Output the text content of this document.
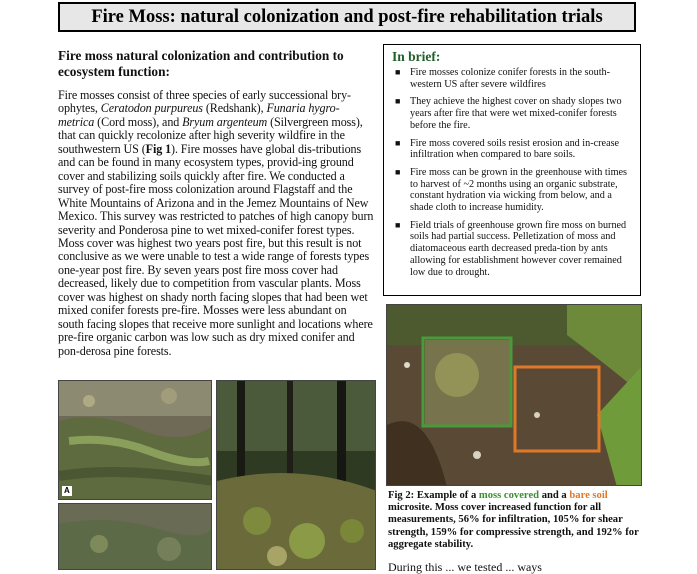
Fire Moss: natural colonization and post-fire rehabilitation trials
Fire moss natural colonization and contribution to ecosystem function:

Fire mosses consist of three species of early successional bry-ophytes, Ceratodon purpureus (Redshank), Funaria hygro-metrica (Cord moss), and Bryum argenteum (Silvergreen moss), that can quickly recolonize after high severity wildfire in the southwestern US (Fig 1). Fire mosses have global dis-tributions and can be found in many ecosystem types, provid-ing ground cover and stabilizing soils quickly after fire. We conducted a survey of post-fire moss colonization around Flagstaff and the White Mountains of Arizona and in the Jemez Mountains of New Mexico. This survey was restricted to patches of high canopy burn severity and Ponderosa pine to wet mixed-conifer forest types. Moss cover was highest two years post fire, but this result is not conclusive as we were unable to test a wide range of forests types one-year post fire. By seven years post fire moss cover had decreased, likely due to competition from vascular plants. Moss cover was highest on shady north facing slopes that had been wet mixed conifer forests pre-fire. Mosses were less abundant on south facing slopes that receive more sunlight and locations where pre-fire organic carbon was low such as dry mixed conifer and pon-derosa pine forests.

In brief:
■ Fire mosses colonize conifer forests in the south-western US after severe wildfires
■ They achieve the highest cover on shady slopes two years after fire that were wet mixed-conifer forests before the fire.
■ Fire moss covered soils resist erosion and in-crease infiltration when compared to bare soils.
■ Fire moss can be grown in the greenhouse with times to harvest of ~2 months using an organic substrate, constant hydration via wicking from below, and a shade cloth to increase humidity.
■ Field trials of greenhouse grown fire moss on burned soils had partial success. Pelletization of moss and diatomaceous earth decreased preda-tion by ants allowing for establishment however cover remained low due to drought.
A	Fig 2: Example of a moss covered and a bare soil microsite. Moss cover increased function for all measurements, 56% for infiltration, 105% for shear strength, 159% for compressive strength, and 192% for aggregate stability.
During this ... we tested ... ways
